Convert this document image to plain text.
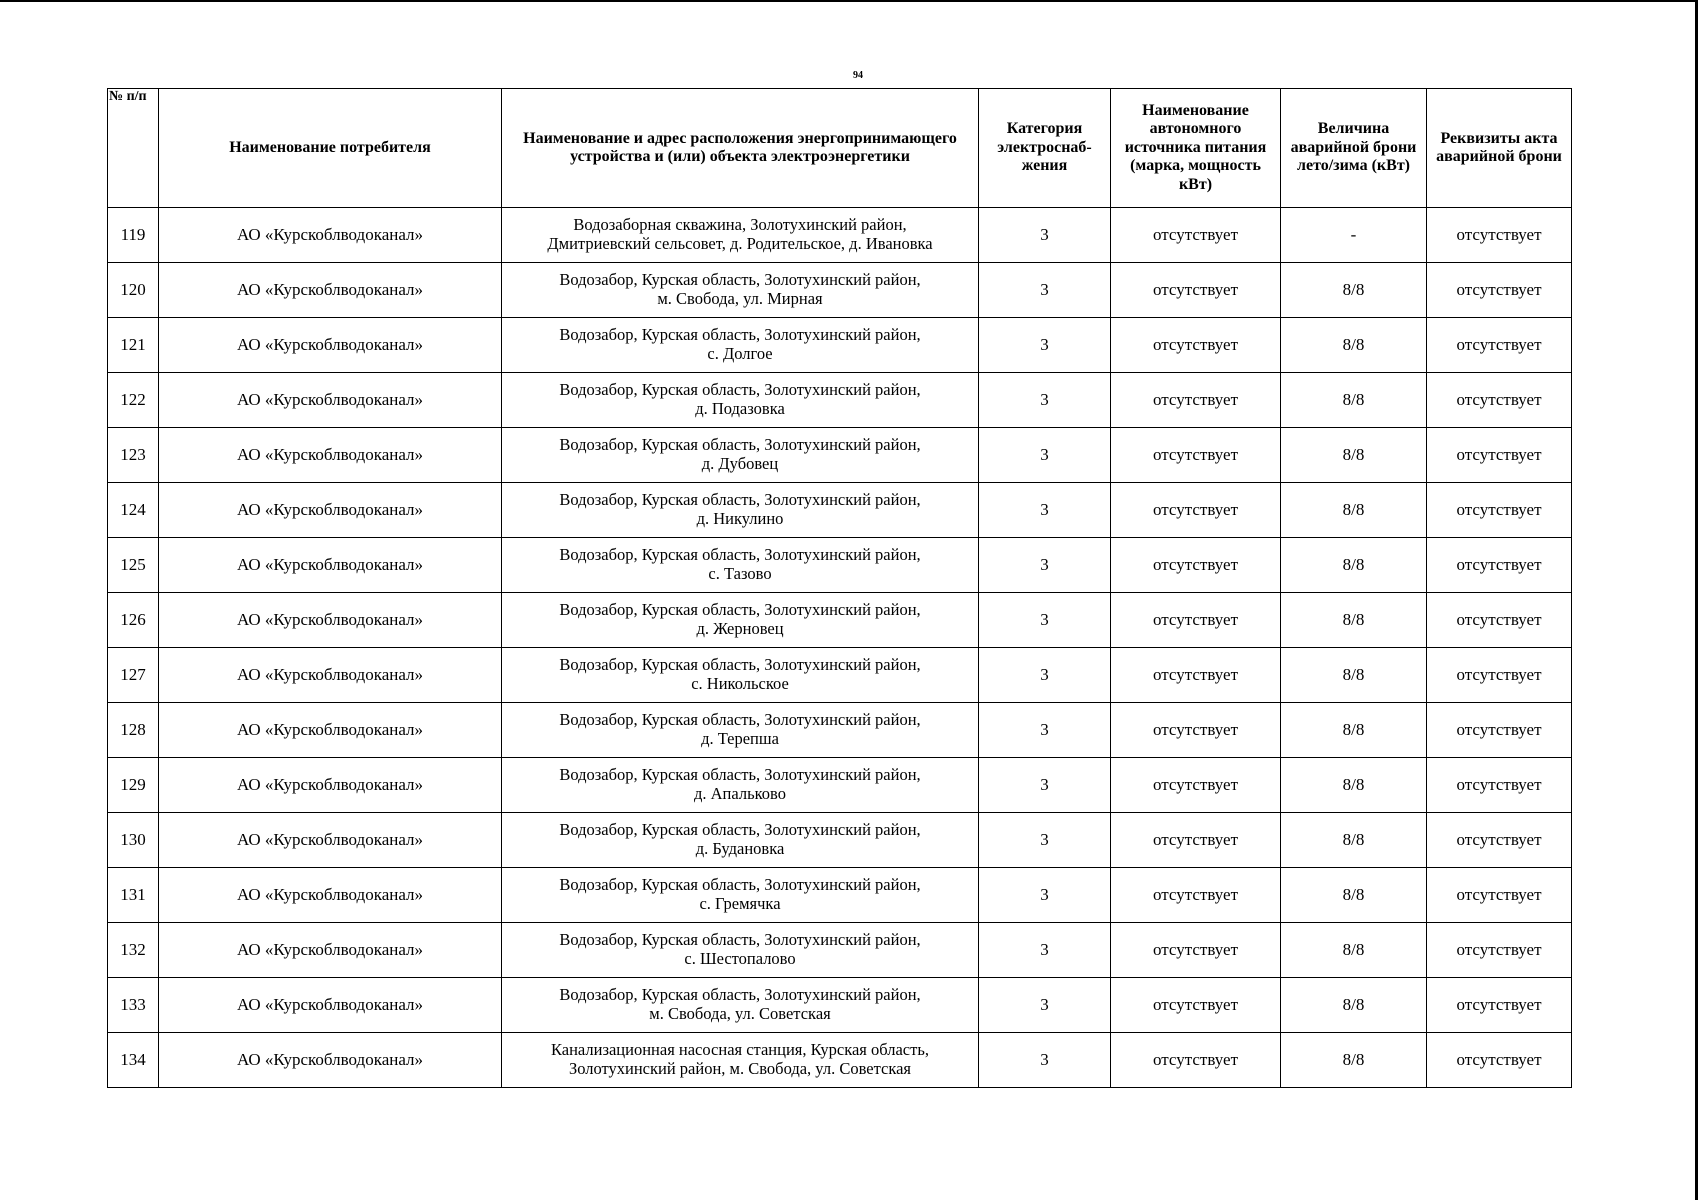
94
№ п/п	Наименование потребителя	Наименование и адрес расположения энергопринимающего устройства и (или) объекта электроэнергетики	Категория электроснаб-жения	Наименование автономного источника питания (марка, мощность кВт)	Величина аварийной брони лето/зима (кВт)	Реквизиты акта аварийной брони
119	АО «Курскоблводоканал»	Водозаборная скважина, Золотухинский район,
Дмитриевский сельсовет, д. Родительское, д. Ивановка	3	отсутствует	-	отсутствует
120	АО «Курскоблводоканал»	Водозабор, Курская область, Золотухинский район,
м. Свобода, ул. Мирная	3	отсутствует	8/8	отсутствует
121	АО «Курскоблводоканал»	Водозабор, Курская область, Золотухинский район,
с. Долгое	3	отсутствует	8/8	отсутствует
122	АО «Курскоблводоканал»	Водозабор, Курская область, Золотухинский район,
д. Подазовка	3	отсутствует	8/8	отсутствует
123	АО «Курскоблводоканал»	Водозабор, Курская область, Золотухинский район,
д. Дубовец	3	отсутствует	8/8	отсутствует
124	АО «Курскоблводоканал»	Водозабор, Курская область, Золотухинский район,
д. Никулино	3	отсутствует	8/8	отсутствует
125	АО «Курскоблводоканал»	Водозабор, Курская область, Золотухинский район,
с. Тазово	3	отсутствует	8/8	отсутствует
126	АО «Курскоблводоканал»	Водозабор, Курская область, Золотухинский район,
д. Жерновец	3	отсутствует	8/8	отсутствует
127	АО «Курскоблводоканал»	Водозабор, Курская область, Золотухинский район,
с. Никольское	3	отсутствует	8/8	отсутствует
128	АО «Курскоблводоканал»	Водозабор, Курская область, Золотухинский район,
д. Терепша	3	отсутствует	8/8	отсутствует
129	АО «Курскоблводоканал»	Водозабор, Курская область, Золотухинский район,
д. Апальково	3	отсутствует	8/8	отсутствует
130	АО «Курскоблводоканал»	Водозабор, Курская область, Золотухинский район,
д. Будановка	3	отсутствует	8/8	отсутствует
131	АО «Курскоблводоканал»	Водозабор, Курская область, Золотухинский район,
с. Гремячка	3	отсутствует	8/8	отсутствует
132	АО «Курскоблводоканал»	Водозабор, Курская область, Золотухинский район,
с. Шестопалово	3	отсутствует	8/8	отсутствует
133	АО «Курскоблводоканал»	Водозабор, Курская область, Золотухинский район,
м. Свобода, ул. Советская	3	отсутствует	8/8	отсутствует
134	АО «Курскоблводоканал»	Канализационная насосная станция, Курская область,
Золотухинский район, м. Свобода, ул. Советская	3	отсутствует	8/8	отсутствует
